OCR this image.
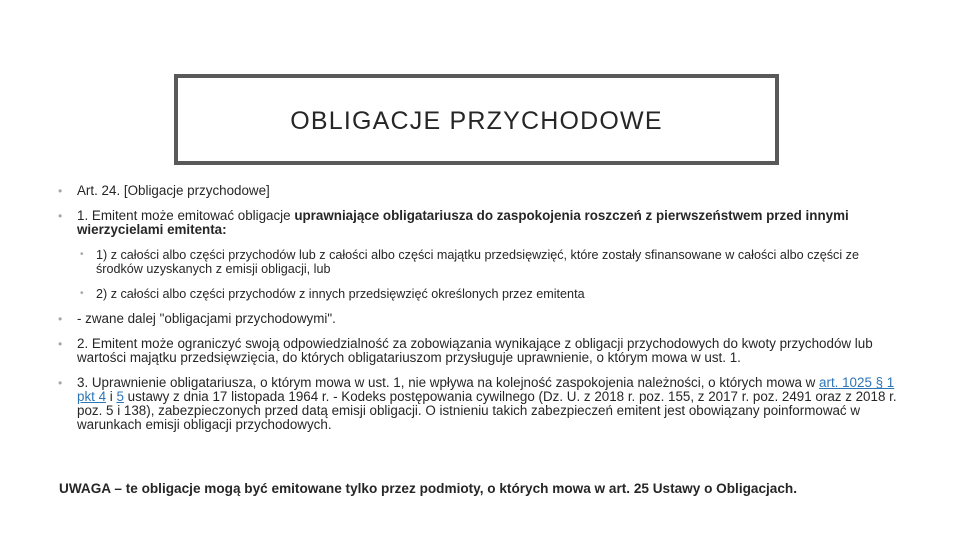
OBLIGACJE PRZYCHODOWE
• Art. 24. [Obligacje przychodowe]
• 1. Emitent może emitować obligacje uprawniające obligatariusza do zaspokojenia roszczeń z pierwszeństwem przed innymi wierzycielami emitenta:
• 1) z całości albo części przychodów lub z całości albo części majątku przedsięwzięć, które zostały sfinansowane w całości albo części ze środków uzyskanych z emisji obligacji, lub
• 2) z całości albo części przychodów z innych przedsięwzięć określonych przez emitenta
• - zwane dalej "obligacjami przychodowymi".
• 2. Emitent może ograniczyć swoją odpowiedzialność za zobowiązania wynikające z obligacji przychodowych do kwoty przychodów lub wartości majątku przedsięwzięcia, do których obligatariuszom przysługuje uprawnienie, o którym mowa w ust. 1.
• 3. Uprawnienie obligatariusza, o którym mowa w ust. 1, nie wpływa na kolejność zaspokojenia należności, o których mowa w art. 1025 § 1 pkt 4 i 5 ustawy z dnia 17 listopada 1964 r. - Kodeks postępowania cywilnego (Dz. U. z 2018 r. poz. 155, z 2017 r. poz. 2491 oraz z 2018 r. poz. 5 i 138), zabezpieczonych przed datą emisji obligacji. O istnieniu takich zabezpieczeń emitent jest obowiązany poinformować w warunkach emisji obligacji przychodowych.
UWAGA – te obligacje mogą być emitowane tylko przez podmioty, o których mowa w art. 25 Ustawy o Obligacjach.
